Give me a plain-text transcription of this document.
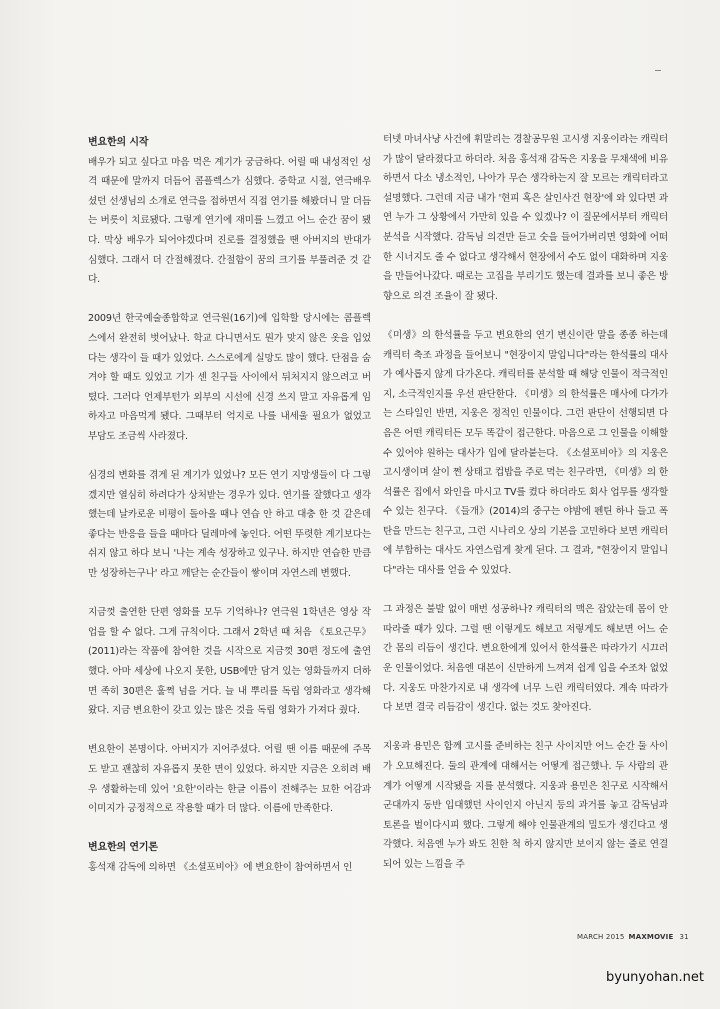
변요한의 시작

배우가 되고 싶다고 마음 먹은 계기가 궁금하다. 어릴 때 내성적인 성격 때문에 말까지 더듬어 콤플렉스가 심했다. 중학교 시절, 연극배우셨던 선생님의 소개로 연극을 접하면서 직접 연기를 해봤더니 말 더듬는 버릇이 치료됐다. 그렇게 연기에 재미를 느꼈고 어느 순간 꿈이 됐다. 막상 배우가 되어야겠다며 진로를 결정했을 땐 아버지의 반대가 심했다. 그래서 더 간절해졌다. 간절함이 꿈의 크기를 부풀려준 것 같다.

2009년 한국예술종합학교 연극원(16기)에 입학할 당시에는 콤플렉스에서 완전히 벗어났나. 학교 다니면서도 뭔가 맞지 않은 옷을 입었다는 생각이 들 때가 있었다. 스스로에게 실망도 많이 했다. 단점을 숨겨야 할 때도 있었고 기가 센 친구들 사이에서 뒤처지지 않으려고 버텼다. 그러다 언제부턴가 외부의 시선에 신경 쓰지 말고 자유롭게 임하자고 마음먹게 됐다. 그때부터 억지로 나를 내세울 필요가 없었고 부담도 조금씩 사라졌다.

심경의 변화를 겪게 된 계기가 있었나? 모든 연기 지망생들이 다 그렇겠지만 열심히 하려다가 상처받는 경우가 있다. 연기를 잘했다고 생각했는데 날카로운 비평이 돌아올 때나 연습 안 하고 대충 한 것 같은데 좋다는 반응을 들을 때마다 딜레마에 놓인다. 어떤 뚜렷한 계기보다는 쉬지 않고 하다 보니 '나는 계속 성장하고 있구나. 하지만 연습한 만큼만 성장하는구나' 라고 깨닫는 순간들이 쌓이며 자연스레 변했다.

지금껏 출연한 단편 영화를 모두 기억하나? 연극원 1학년은 영상 작업을 할 수 없다. 그게 규칙이다. 그래서 2학년 때 처음 《토요근무》(2011)라는 작품에 참여한 것을 시작으로 지금껏 30편 정도에 출연했다. 아마 세상에 나오지 못한, USB에만 담겨 있는 영화들까지 더하면 족히 30편은 훌쩍 넘을 거다. 늘 내 뿌리를 독립 영화라고 생각해왔다. 지금 변요한이 갖고 있는 많은 것을 독립 영화가 가져다 줬다.

변요한이 본명이다. 아버지가 지어주셨다. 어릴 땐 이름 때문에 주목도 받고 괜찮히 자유롭지 못한 면이 있었다. 하지만 지금은 오히려 배우 생활하는데 있어 '요한'이라는 한글 이름이 전해주는 묘한 어감과 이미지가 긍정적으로 작용할 때가 더 많다. 이름에 만족한다.

변요한의 연기론

홍석재 감독에 의하면 《소셜포비아》에 변요한이 참여하면서 인

터넷 마녀사냥 사건에 휘말리는 경찰공무원 고시생 지웅이라는 캐릭터가 많이 달라졌다고 하더라. 처음 홍석재 감독은 지웅을 무채색에 비유하면서 다소 냉소적인, 나아가 무슨 생각하는지 잘 모르는 캐릭터라고 설명했다. 그런데 지금 내가 '현피 혹은 살인사건 현장'에 와 있다면 과연 누가 그 상황에서 가만히 있을 수 있겠나? 이 질문에서부터 캐릭터 분석을 시작했다. 감독님 의견만 듣고 숫을 들어가버리면 영화에 어떠한 시너지도 줄 수 없다고 생각해서 현장에서 수도 없이 대화하며 지웅을 만들어나갔다. 때로는 고집을 부리기도 했는데 결과를 보니 좋은 방향으로 의견 조율이 잘 됐다.

《미생》의 한석률을 두고 변요한의 연기 변신이란 말을 종종 하는데 캐릭터 축조 과정을 들어보니 "현장이지 말입니다"라는 한석률의 대사가 예사롭지 않게 다가온다. 캐릭터를 분석할 때 해당 인물이 적극적인지, 소극적인지를 우선 판단한다. 《미생》의 한석률은 매사에 다가가는 스타일인 반면, 지웅은 정적인 인물이다. 그런 판단이 선행되면 다음은 어떤 캐릭터든 모두 똑같이 접근한다. 마음으로 그 인물을 이해할 수 있어야 원하는 대사가 입에 달라붙는다. 《소셜포비아》의 지웅은 고시생이며 살이 쩐 상태고 컵밥을 주로 먹는 친구라면, 《미생》의 한석률은 집에서 와인을 마시고 TV를 켰다 하더라도 회사 업무를 생각할 수 있는 친구다. 《들개》(2014)의 중구는 야밤에 펜틴 하나 들고 폭탄을 만드는 친구고, 그런 시나리오 상의 기본을 고민하다 보면 캐릭터에 부합하는 대사도 자연스럽게 찾게 된다. 그 결과, "현장이지 말입니다"라는 대사를 얻을 수 있었다.

그 과정은 불발 없이 매번 성공하나? 캐릭터의 맥은 잡았는데 몸이 안 따라줄 때가 있다. 그럴 땐 이렇게도 해보고 저렇게도 해보면 어느 순간 몸의 리듬이 생긴다. 변요한에게 있어서 한석률은 따라가기 시끄러운 인물이었다. 처음엔 대본이 신만하게 느껴져 쉽게 입을 수조차 없었다. 지웅도 마찬가지로 내 생각에 너무 느린 캐릭터였다. 계속 따라가다 보면 결국 리듬감이 생긴다. 없는 것도 찾아진다.

지웅과 용민은 함께 고시를 준비하는 친구 사이지만 어느 순간 둘 사이가 오묘해진다. 둘의 관계에 대해서는 어떻게 접근했나. 두 사람의 관계가 어떻게 시작됐을 지를 분석했다. 지웅과 용민은 친구로 시작해서 군대까지 동반 입대했던 사이인지 아닌지 등의 과거를 놓고 감독님과 토론을 벌이다시피 했다. 그렇게 해야 인물관계의 밀도가 생긴다고 생각했다. 처음엔 누가 봐도 친한 척 하지 않지만 보이지 않는 줄로 연결되어 있는 느낌을 주

MARCH 2015 MAXMOVIE 31
byunyohan.net
